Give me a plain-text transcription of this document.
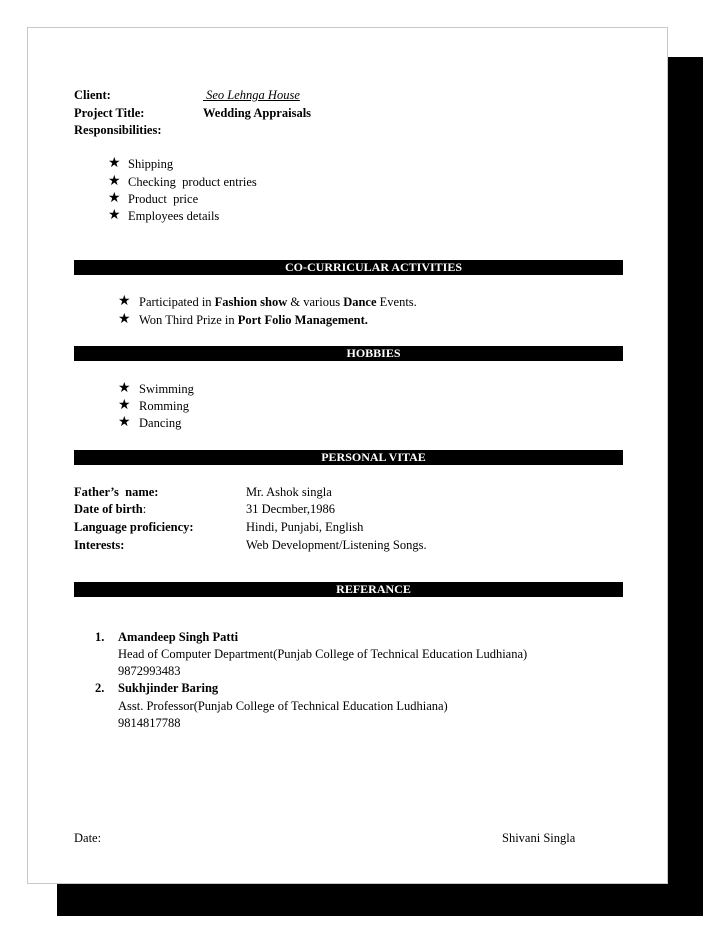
Client:	Seo Lehnga House
Project Title:	Wedding Appraisals
Responsibilities:
★ Shipping
★ Checking  product entries
★ Product  price
★ Employees details
CO-CURRICULAR ACTIVITIES
★ Participated in Fashion show & various Dance Events.
★ Won Third Prize in Port Folio Management.
HOBBIES
★ Swimming
★ Romming
★ Dancing
PERSONAL VITAE
Father’s  name:	Mr. Ashok singla
Date of birth:	31 Decmber,1986
Language proficiency:	Hindi, Punjabi, English
Interests:	Web Development/Listening Songs.
REFERANCE
1. Amandeep Singh Patti
Head of Computer Department(Punjab College of Technical Education Ludhiana)
9872993483
2. Sukhjinder Baring
Asst. Professor(Punjab College of Technical Education Ludhiana)
9814817788
Date:	Shivani Singla
